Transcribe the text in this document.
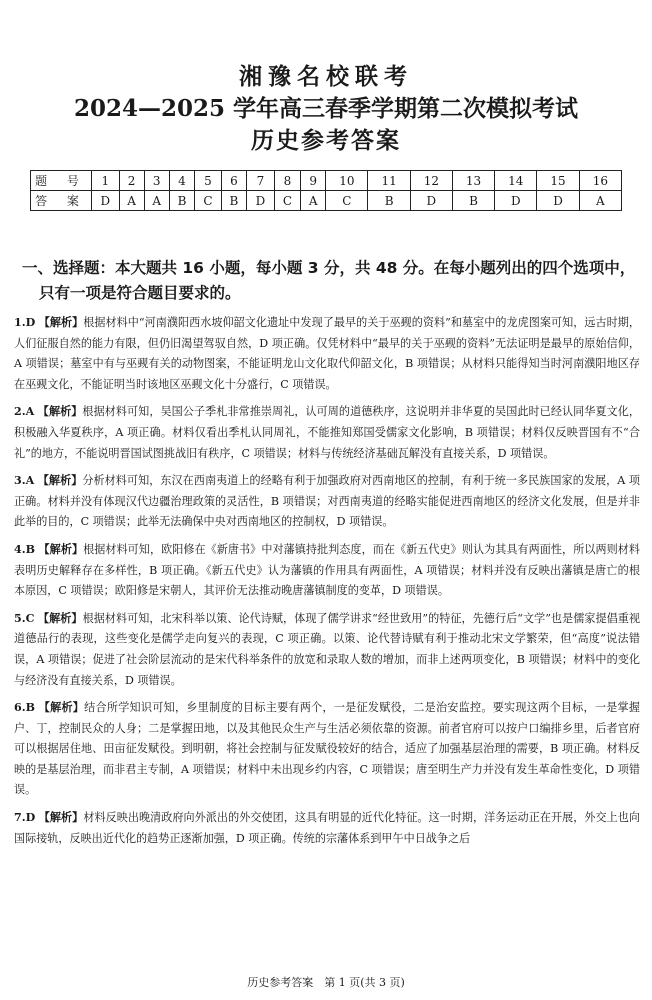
湘豫名校联考
2024—2025 学年高三春季学期第二次模拟考试
历史参考答案
题 号	1	2	3	4	5	6	7	8	9	10	11	12	13	14	15	16
答 案	D	A	A	B	C	B	D	C	A	C	B	D	B	D	D	A
一、选择题：本大题共 16 小题，每小题 3 分，共 48 分。在每小题列出的四个选项中，
只有一项是符合题目要求的。
1.D 【解析】根据材料中“河南濮阳西水坡仰韶文化遗址中发现了最早的关于巫觋的资料”和墓室中的龙虎图案可知，远古时期，人们征服自然的能力有限，但仍旧渴望驾驭自然，D 项正确。仅凭材料中“最早的关于巫觋的资料”无法证明是最早的原始信仰，A 项错误；墓室中有与巫觋有关的动物图案，不能证明龙山文化取代仰韶文化，B 项错误；从材料只能得知当时河南濮阳地区存在巫觋文化，不能证明当时该地区巫觋文化十分盛行，C 项错误。
2.A 【解析】根据材料可知，吴国公子季札非常推崇周礼，认可周的道德秩序，这说明并非华夏的吴国此时已经认同华夏文化，积极融入华夏秩序，A 项正确。材料仅看出季札认同周礼，不能推知郑国受儒家文化影响，B 项错误；材料仅反映晋国有不“合礼”的地方，不能说明晋国试图挑战旧有秩序，C 项错误；材料与传统经济基础瓦解没有直接关系，D 项错误。
3.A 【解析】分析材料可知，东汉在西南夷道上的经略有利于加强政府对西南地区的控制，有利于统一多民族国家的发展，A 项正确。材料并没有体现汉代边疆治理政策的灵活性，B 项错误；对西南夷道的经略实能促进西南地区的经济文化发展，但是并非此举的目的，C 项错误；此举无法确保中央对西南地区的控制权，D 项错误。
4.B 【解析】根据材料可知，欧阳修在《新唐书》中对藩镇持批判态度，而在《新五代史》则认为其具有两面性，所以两则材料表明历史解释存在多样性，B 项正确。《新五代史》认为藩镇的作用具有两面性，A 项错误；材料并没有反映出藩镇是唐亡的根本原因，C 项错误；欧阳修是宋朝人，其评价无法推动晚唐藩镇制度的变革，D 项错误。
5.C 【解析】根据材料可知，北宋科举以策、论代诗赋，体现了儒学讲求“经世致用”的特征，先德行后“文学”也是儒家提倡重视道德品行的表现，这些变化是儒学走向复兴的表现，C 项正确。以策、论代替诗赋有利于推动北宋文学繁荣，但“高度”说法错误，A 项错误；促进了社会阶层流动的是宋代科举条件的放宽和录取人数的增加，而非上述两项变化，B 项错误；材料中的变化与经济没有直接关系，D 项错误。
6.B 【解析】结合所学知识可知，乡里制度的目标主要有两个，一是征发赋役，二是治安监控。要实现这两个目标，一是掌握户、丁，控制民众的人身；二是掌握田地，以及其他民众生产与生活必须依靠的资源。前者官府可以按户口编排乡里，后者官府可以根据居住地、田亩征发赋役。到明朝，将社会控制与征发赋役较好的结合，适应了加强基层治理的需要，B 项正确。材料反映的是基层治理，而非君主专制，A 项错误；材料中未出现乡约内容，C 项错误；唐至明生产力并没有发生革命性变化，D 项错误。
7.D 【解析】材料反映出晚清政府向外派出的外交使团，这具有明显的近代化特征。这一时期，洋务运动正在开展，外交上也向国际接轨，反映出近代化的趋势正逐渐加强，D 项正确。传统的宗藩体系到甲午中日战争之后
历史参考答案　第 1 页(共 3 页)
